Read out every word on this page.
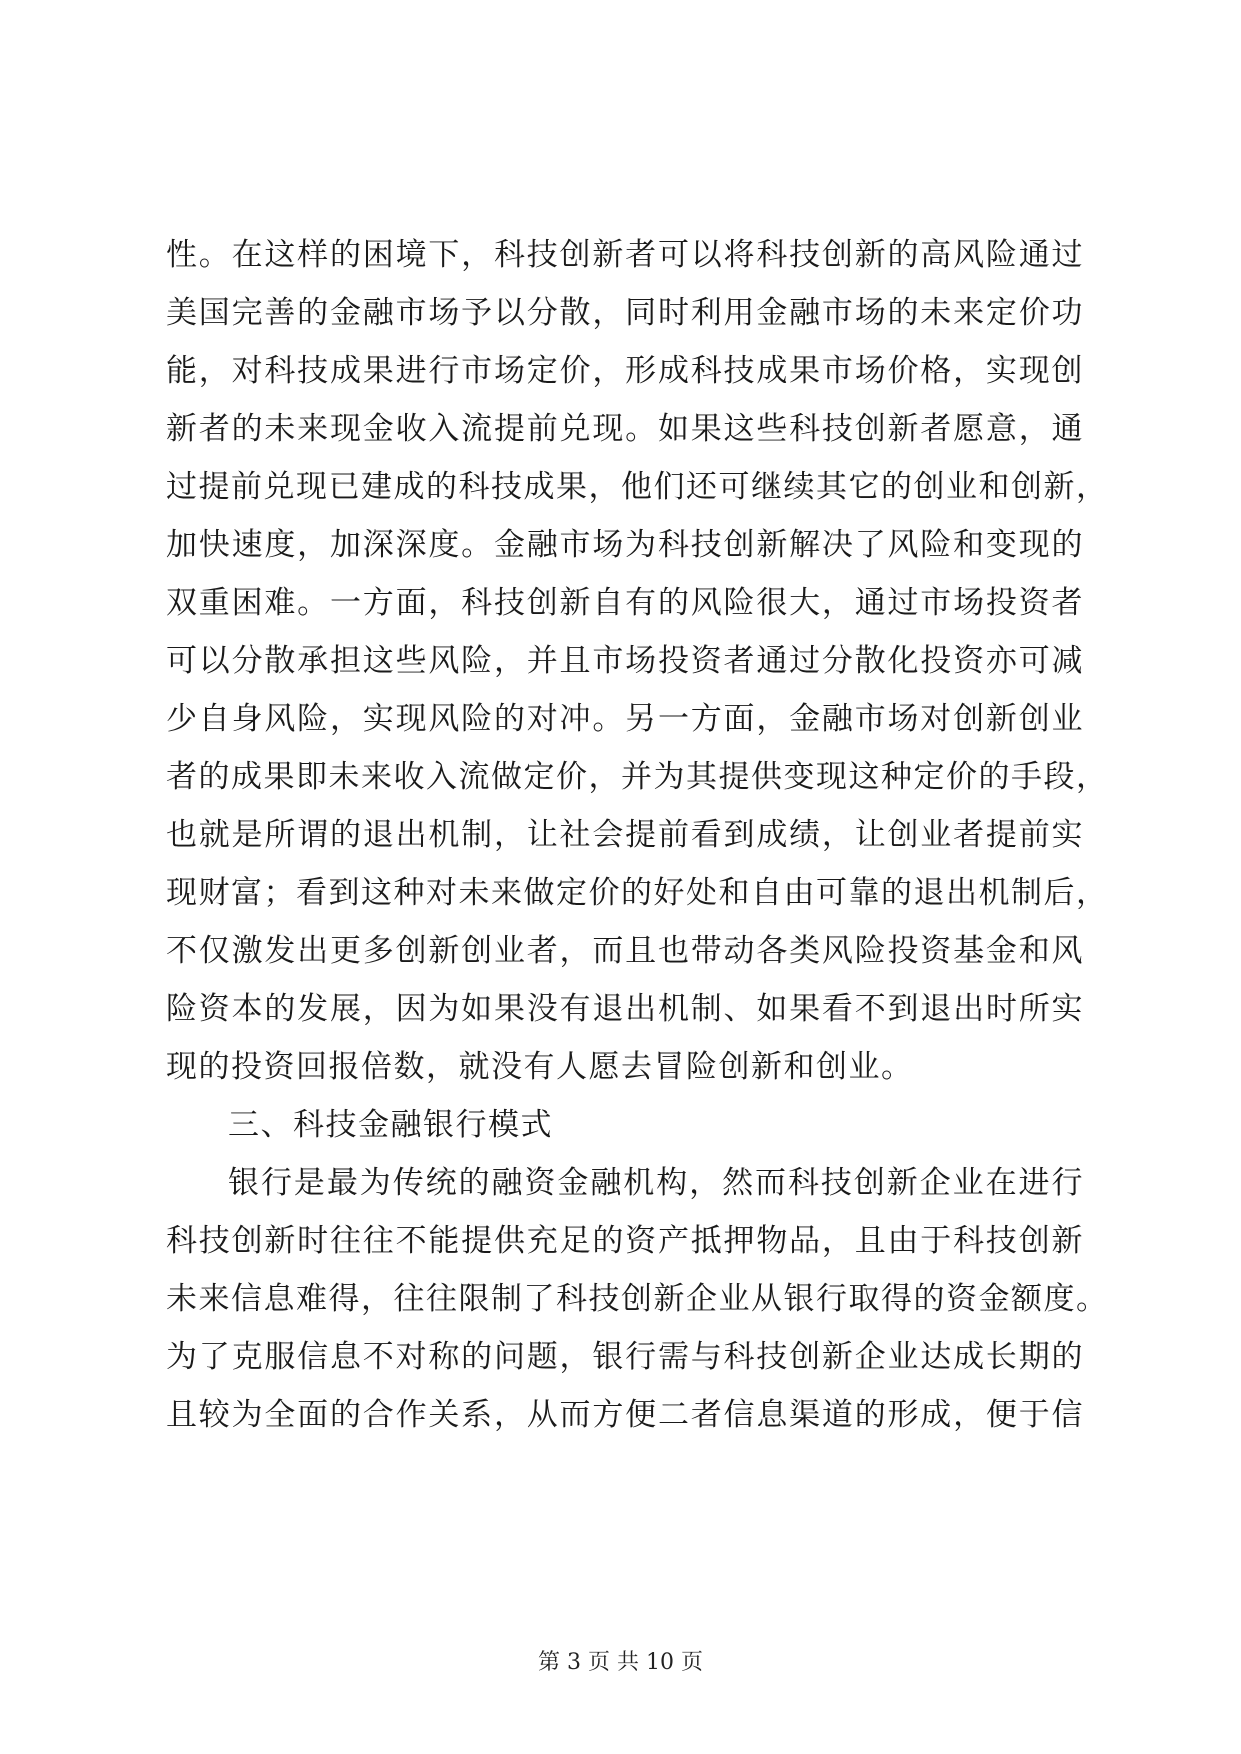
性。在这样的困境下，科技创新者可以将科技创新的高风险通过
美国完善的金融市场予以分散，同时利用金融市场的未来定价功
能，对科技成果进行市场定价，形成科技成果市场价格，实现创
新者的未来现金收入流提前兑现。如果这些科技创新者愿意，通
过提前兑现已建成的科技成果，他们还可继续其它的创业和创新，
加快速度，加深深度。金融市场为科技创新解决了风险和变现的
双重困难。一方面，科技创新自有的风险很大，通过市场投资者
可以分散承担这些风险，并且市场投资者通过分散化投资亦可减
少自身风险，实现风险的对冲。另一方面，金融市场对创新创业
者的成果即未来收入流做定价，并为其提供变现这种定价的手段，
也就是所谓的退出机制，让社会提前看到成绩，让创业者提前实
现财富；看到这种对未来做定价的好处和自由可靠的退出机制后，
不仅激发出更多创新创业者，而且也带动各类风险投资基金和风
险资本的发展，因为如果没有退出机制、如果看不到退出时所实
现的投资回报倍数，就没有人愿去冒险创新和创业。
三、科技金融银行模式
银行是最为传统的融资金融机构，然而科技创新企业在进行
科技创新时往往不能提供充足的资产抵押物品，且由于科技创新
未来信息难得，往往限制了科技创新企业从银行取得的资金额度。
为了克服信息不对称的问题，银行需与科技创新企业达成长期的
且较为全面的合作关系，从而方便二者信息渠道的形成，便于信
第 3 页 共 10 页
